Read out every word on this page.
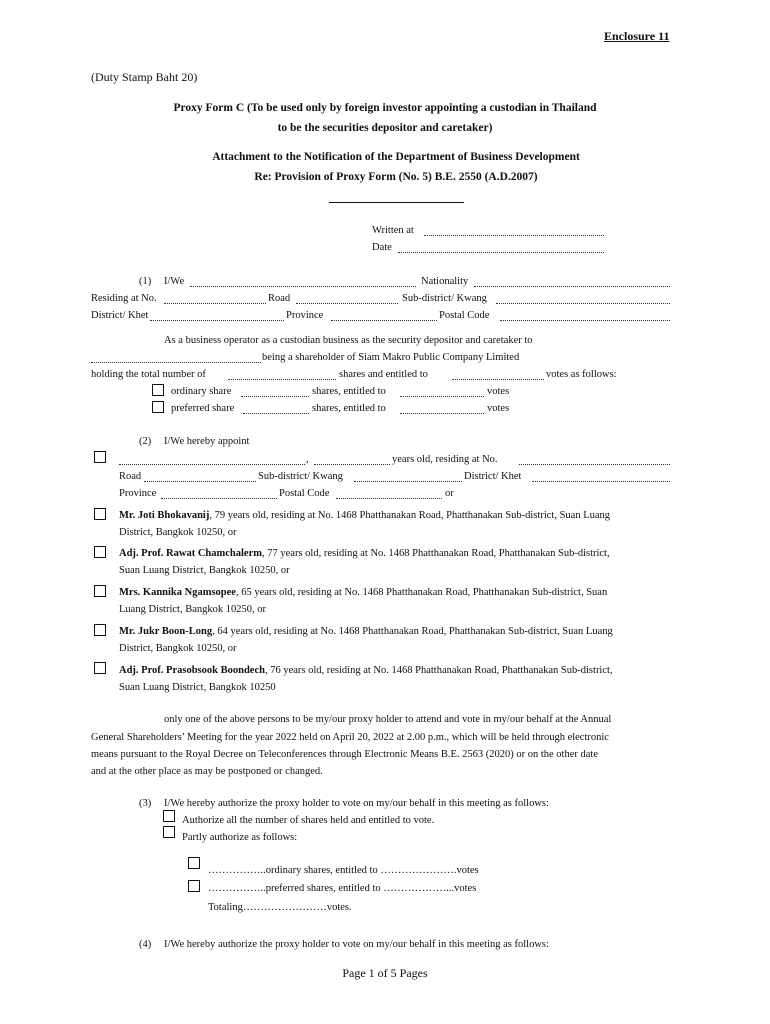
Enclosure 11
(Duty Stamp Baht 20)
Proxy Form C (To be used only by foreign investor appointing a custodian in Thailand
to be the securities depositor and caretaker)
Attachment to the Notification of the Department of Business Development
Re: Provision of Proxy Form (No. 5) B.E. 2550 (A.D.2007)
Written at
Date
(1) I/We	Nationality
Residing at No.	Road	Sub-district/ Kwang
District/ Khet	Province	Postal Code
As a business operator as a custodian business as the security depositor and caretaker to
being a shareholder of Siam Makro Public Company Limited
holding the total number of	shares and entitled to	votes as follows:
ordinary share	shares, entitled to	votes
preferred share	shares, entitled to	votes
(2) I/We hereby appoint
,	years old, residing at No.
Road	Sub-district/ Kwang	District/ Khet
Province	Postal Code	or
Mr. Joti Bhokavanij, 79 years old, residing at No. 1468 Phatthanakan Road, Phatthanakan Sub-district, Suan Luang
District, Bangkok 10250, or
Adj. Prof. Rawat Chamchalerm, 77 years old, residing at No. 1468 Phatthanakan Road, Phatthanakan Sub-district,
Suan Luang District, Bangkok 10250, or
Mrs. Kannika Ngamsopee, 65 years old, residing at No. 1468 Phatthanakan Road, Phatthanakan Sub-district, Suan
Luang District, Bangkok 10250, or
Mr. Jukr Boon-Long, 64 years old, residing at No. 1468 Phatthanakan Road, Phatthanakan Sub-district, Suan Luang
District, Bangkok 10250, or
Adj. Prof. Prasobsook Boondech, 76 years old, residing at No. 1468 Phatthanakan Road, Phatthanakan Sub-district,
Suan Luang District, Bangkok 10250
only one of the above persons to be my/our proxy holder to attend and vote in my/our behalf at the Annual
General Shareholders’ Meeting for the year 2022 held on April 20, 2022 at 2.00 p.m., which will be held through electronic
means pursuant to the Royal Decree on Teleconferences through Electronic Means B.E. 2563 (2020) or on the other date
and at the other place as may be postponed or changed.
(3) I/We hereby authorize the proxy holder to vote on my/our behalf in this meeting as follows:
Authorize all the number of shares held and entitled to vote.
Partly authorize as follows:
……………..ordinary shares, entitled to ………………….votes
……………..preferred shares, entitled to ………………...votes
Totaling……………………votes.
(4) I/We hereby authorize the proxy holder to vote on my/our behalf in this meeting as follows:
Page 1 of 5 Pages
